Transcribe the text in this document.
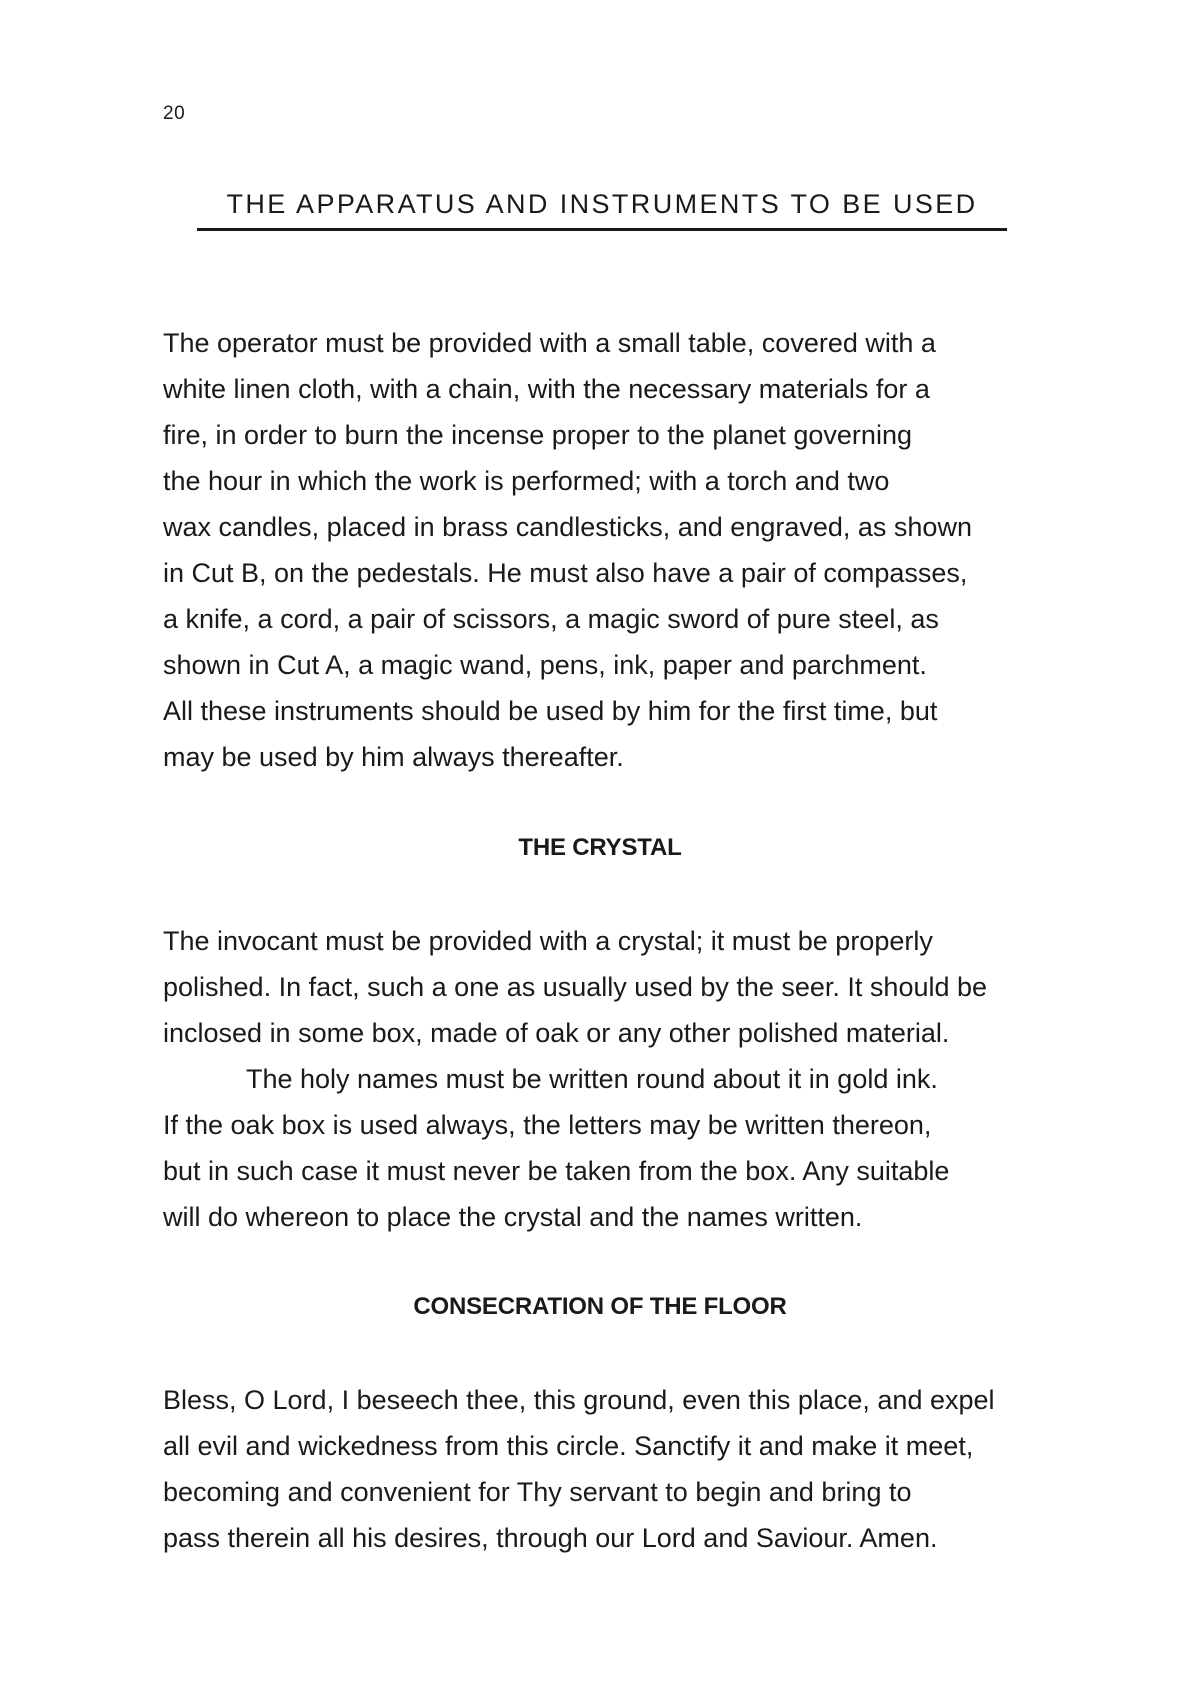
20
THE APPARATUS AND INSTRUMENTS TO BE USED
The operator must be provided with a small table, covered with a
white linen cloth, with a chain, with the necessary materials for a
fire, in order to burn the incense proper to the planet governing
the hour in which the work is performed; with a torch and two
wax candles, placed in brass candlesticks, and engraved, as shown
in Cut B, on the pedestals. He must also have a pair of compasses,
a knife, a cord, a pair of scissors, a magic sword of pure steel, as
shown in Cut A, a magic wand, pens, ink, paper and parchment.
All these instruments should be used by him for the first time, but
may be used by him always thereafter.
THE CRYSTAL
The invocant must be provided with a crystal; it must be properly
polished. In fact, such a one as usually used by the seer. It should be
inclosed in some box, made of oak or any other polished material.
The holy names must be written round about it in gold ink.
If the oak box is used always, the letters may be written thereon,
but in such case it must never be taken from the box. Any suitable
will do whereon to place the crystal and the names written.
CONSECRATION OF THE FLOOR
Bless, O Lord, I beseech thee, this ground, even this place, and expel
all evil and wickedness from this circle. Sanctify it and make it meet,
becoming and convenient for Thy servant to begin and bring to
pass therein all his desires, through our Lord and Saviour. Amen.
